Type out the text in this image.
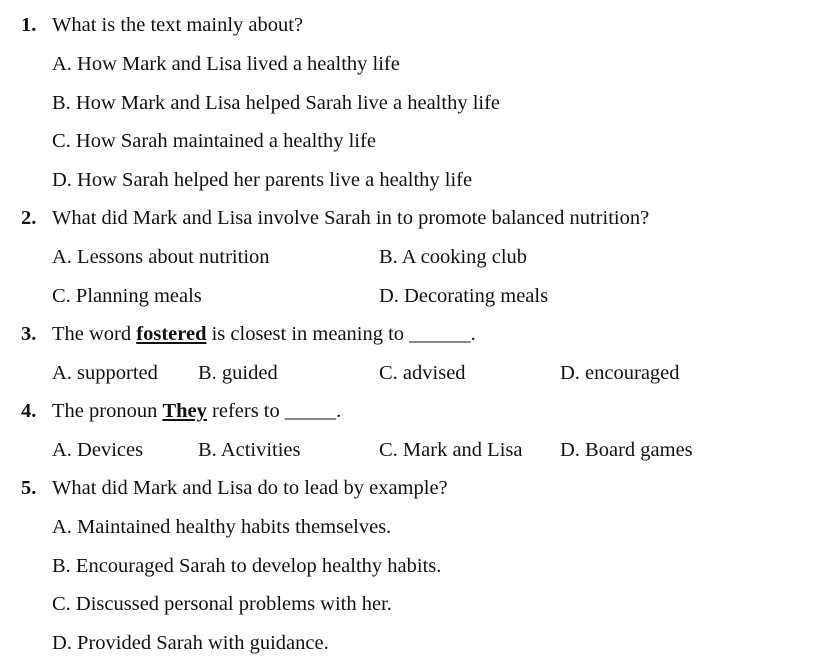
1. What is the text mainly about?
A. How Mark and Lisa lived a healthy life
B. How Mark and Lisa helped Sarah live a healthy life
C. How Sarah maintained a healthy life
D. How Sarah helped her parents live a healthy life
2. What did Mark and Lisa involve Sarah in to promote balanced nutrition?
A. Lessons about nutrition	B. A cooking club
C. Planning meals	D. Decorating meals
3. The word fostered is closest in meaning to ______.
A. supported B. guided	C. advised	D. encouraged
4. The pronoun They refers to _____.
A. Devices	B. Activities	C. Mark and Lisa D. Board games
5. What did Mark and Lisa do to lead by example?
A. Maintained healthy habits themselves.
B. Encouraged Sarah to develop healthy habits.
C. Discussed personal problems with her.
D. Provided Sarah with guidance.
